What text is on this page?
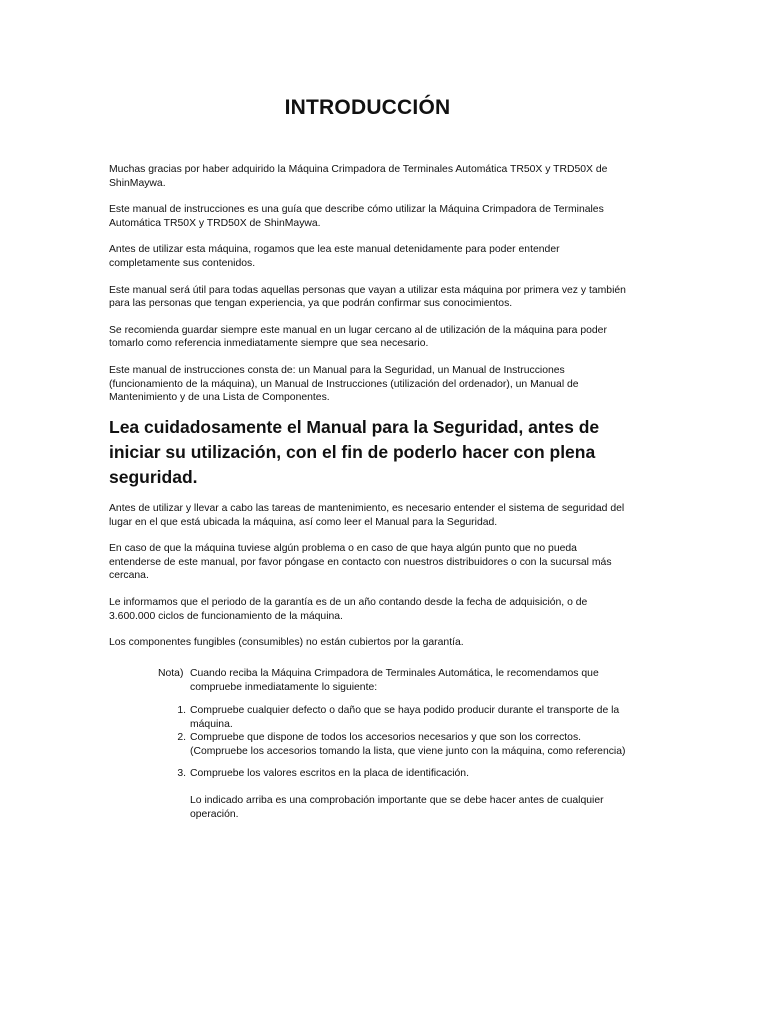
INTRODUCCIÓN

Muchas gracias por haber adquirido la Máquina Crimpadora de Terminales Automática TR50X y TRD50X de ShinMaywa.

Este manual de instrucciones es una guía que describe cómo utilizar la Máquina Crimpadora de Terminales Automática TR50X y TRD50X de ShinMaywa.

Antes de utilizar esta máquina, rogamos que lea este manual detenidamente para poder entender completamente sus contenidos.

Este manual será útil para todas aquellas personas que vayan a utilizar esta máquina por primera vez y también para las personas que tengan experiencia, ya que podrán confirmar sus conocimientos.

Se recomienda guardar siempre este manual en un lugar cercano al de utilización de la máquina para poder tomarlo como referencia inmediatamente siempre que sea necesario.

Este manual de instrucciones consta de: un Manual para la Seguridad, un Manual de Instrucciones (funcionamiento de la máquina), un Manual de Instrucciones (utilización del ordenador), un Manual de Mantenimiento y de una Lista de Componentes.

Lea cuidadosamente el Manual para la Seguridad, antes de iniciar su utilización, con el fin de poderlo hacer con plena seguridad.

Antes de utilizar y llevar a cabo las tareas de mantenimiento, es necesario entender el sistema de seguridad del lugar en el que está ubicada la máquina, así como leer el Manual para la Seguridad.

En caso de que la máquina tuviese algún problema o en caso de que haya algún punto que no pueda entenderse de este manual, por favor póngase en contacto con nuestros distribuidores o con la sucursal más cercana.

Le informamos que el periodo de la garantía es de un año contando desde la fecha de adquisición, o de 3.600.000 ciclos de funcionamiento de la máquina.

Los componentes fungibles (consumibles) no están cubiertos por la garantía.

Nota) Cuando reciba la Máquina Crimpadora de Terminales Automática, le recomendamos que compruebe inmediatamente lo siguiente:
1. Compruebe cualquier defecto o daño que se haya podido producir durante el transporte de la máquina.
2. Compruebe que dispone de todos los accesorios necesarios y que son los correctos. (Compruebe los accesorios tomando la lista, que viene junto con la máquina, como referencia)
3. Compruebe los valores escritos en la placa de identificación.

Lo indicado arriba es una comprobación importante que se debe hacer antes de cualquier operación.
